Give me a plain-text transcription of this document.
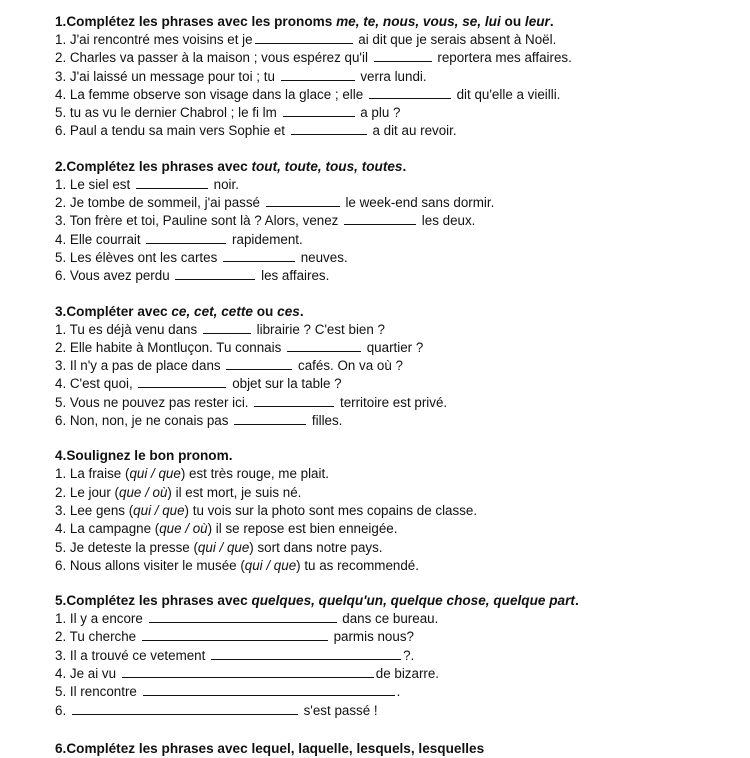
1.Complétez les phrases avec les pronoms me, te, nous, vous, se, lui ou leur.
1. J'ai rencontré mes voisins et je	ai dit que je serais absent à Noël.
2. Charles va passer à la maison ; vous espérez qu'il	reportera mes affaires.
3. J'ai laissé un message pour toi ; tu	verra lundi.
4. La femme observe son visage dans la glace ; elle	dit qu'elle a vieilli.
5. tu as vu le dernier Chabrol ; le fi lm	a plu ?
6. Paul a tendu sa main vers Sophie et	a dit au revoir.
2.Complétez les phrases avec tout, toute, tous, toutes.
1. Le siel est	noir.
2. Je tombe de sommeil, j'ai passé	le week-end sans dormir.
3. Ton frère et toi, Pauline sont là ? Alors, venez	les deux.
4. Elle courrait	rapidement.
5. Les élèves ont les cartes	neuves.
6. Vous avez perdu	les affaires.
3.Compléter avec ce, cet, cette ou ces.
1. Tu es déjà venu dans	librairie ? C'est bien ?
2. Elle habite à Montluçon. Tu connais	quartier ?
3. Il n'y a pas de place dans	cafés. On va où ?
4. C'est quoi,	objet sur la table ?
5. Vous ne pouvez pas rester ici.	territoire est privé.
6. Non, non, je ne conais pas	filles.
4.Soulignez le bon pronom.
1. La fraise (qui / que) est très rouge, me plait.
2. Le jour (que / où) il est mort, je suis né.
3. Lee gens (qui / que) tu vois sur la photo sont mes copains de classe.
4. La campagne (que / où) il se repose est bien enneigée.
5. Je deteste la presse (qui / que) sort dans notre pays.
6. Nous allons visiter le musée (qui / que) tu as recommendé.
5.Complétez les phrases avec quelques, quelqu'un, quelque chose, quelque part.
1. Il y a encore	dans ce bureau.
2. Tu cherche	parmis nous?
3. Il a trouvé ce vetement	?.
4. Je ai vu	de bizarre.
5. Il rencontre	.
6.	s'est passé !
6.Complétez les phrases avec lequel, laquelle, lesquels, lesquelles
